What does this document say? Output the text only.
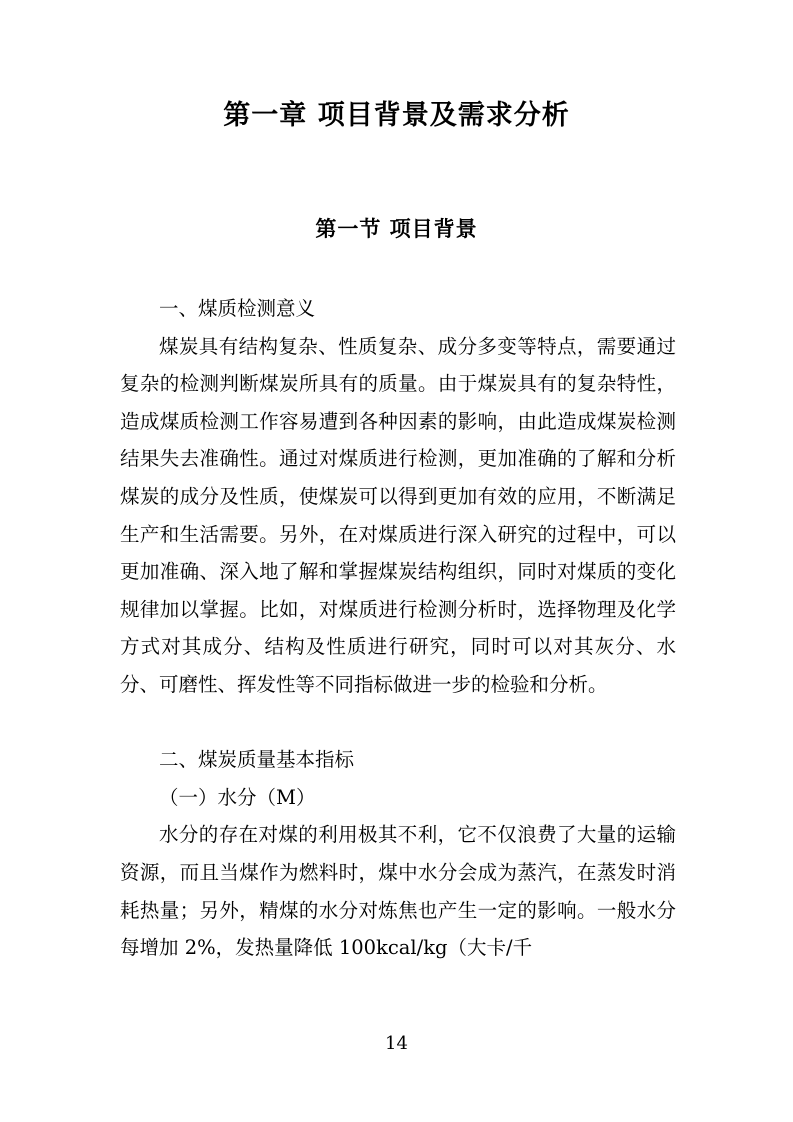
第一章 项目背景及需求分析
第一节 项目背景

一、煤质检测意义

煤炭具有结构复杂、性质复杂、成分多变等特点，需要通过复杂的检测判断煤炭所具有的质量。由于煤炭具有的复杂特性，造成煤质检测工作容易遭到各种因素的影响，由此造成煤炭检测结果失去准确性。通过对煤质进行检测，更加准确的了解和分析煤炭的成分及性质，使煤炭可以得到更加有效的应用，不断满足生产和生活需要。另外，在对煤质进行深入研究的过程中，可以更加准确、深入地了解和掌握煤炭结构组织，同时对煤质的变化规律加以掌握。比如，对煤质进行检测分析时，选择物理及化学方式对其成分、结构及性质进行研究，同时可以对其灰分、水分、可磨性、挥发性等不同指标做进一步的检验和分析。

二、煤炭质量基本指标

（一）水分（M）

水分的存在对煤的利用极其不利，它不仅浪费了大量的运输资源，而且当煤作为燃料时，煤中水分会成为蒸汽，在蒸发时消耗热量；另外，精煤的水分对炼焦也产生一定的影响。一般水分每增加 2%，发热量降低 100kcal/kg（大卡/千

14
